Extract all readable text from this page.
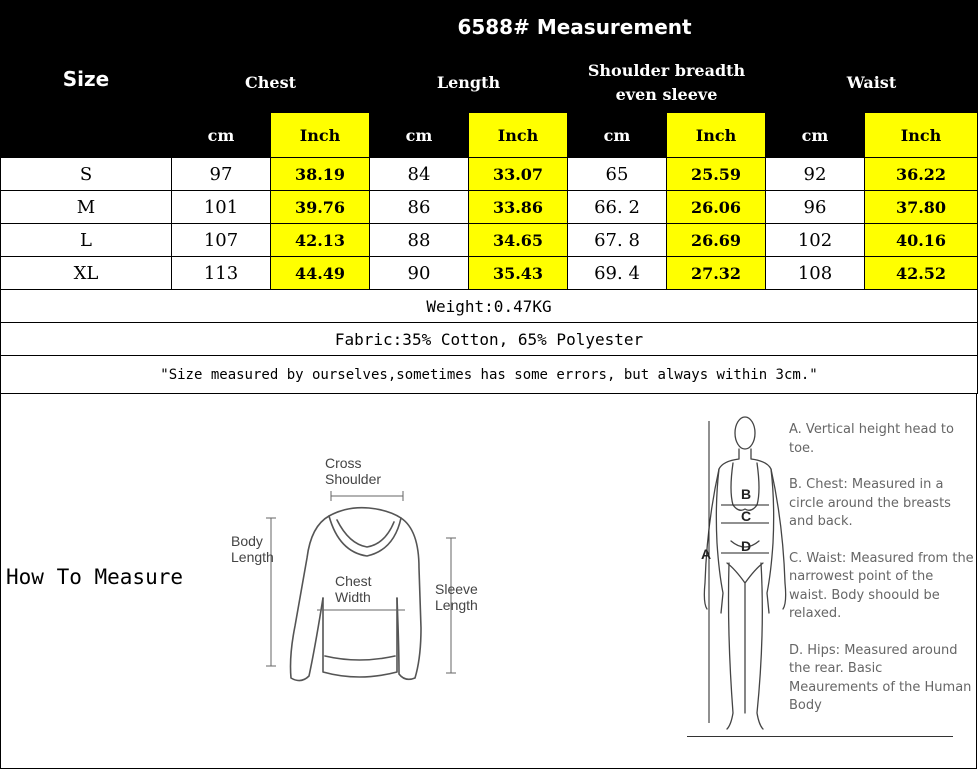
Size	6588# Measurement							
	Chest		Length		Shoulder breadth even sleeve		Waist	
	cm	Inch	cm	Inch	cm	Inch	cm	Inch
S	97	38.19	84	33.07	65	25.59	92	36.22
M	101	39.76	86	33.86	66. 2	26.06	96	37.80
L	107	42.13	88	34.65	67. 8	26.69	102	40.16
XL	113	44.49	90	35.43	69. 4	27.32	108	42.52
Weight:0.47KG								
Fabric:35% Cotton, 65% Polyester								
"Size measured by ourselves,sometimes has some errors, but always within 3cm."								
How To Measure
Cross
Shoulder
Body
Length
Chest
Width	Sleeve
Length
A
B
C
D

A. Vertical height head to toe.

B. Chest: Measured in a circle around the breasts and back.

C. Waist: Measured from the narrowest point of the waist. Body shoould be relaxed.

D. Hips: Measured around the rear. Basic Meaurements of the Human Body
